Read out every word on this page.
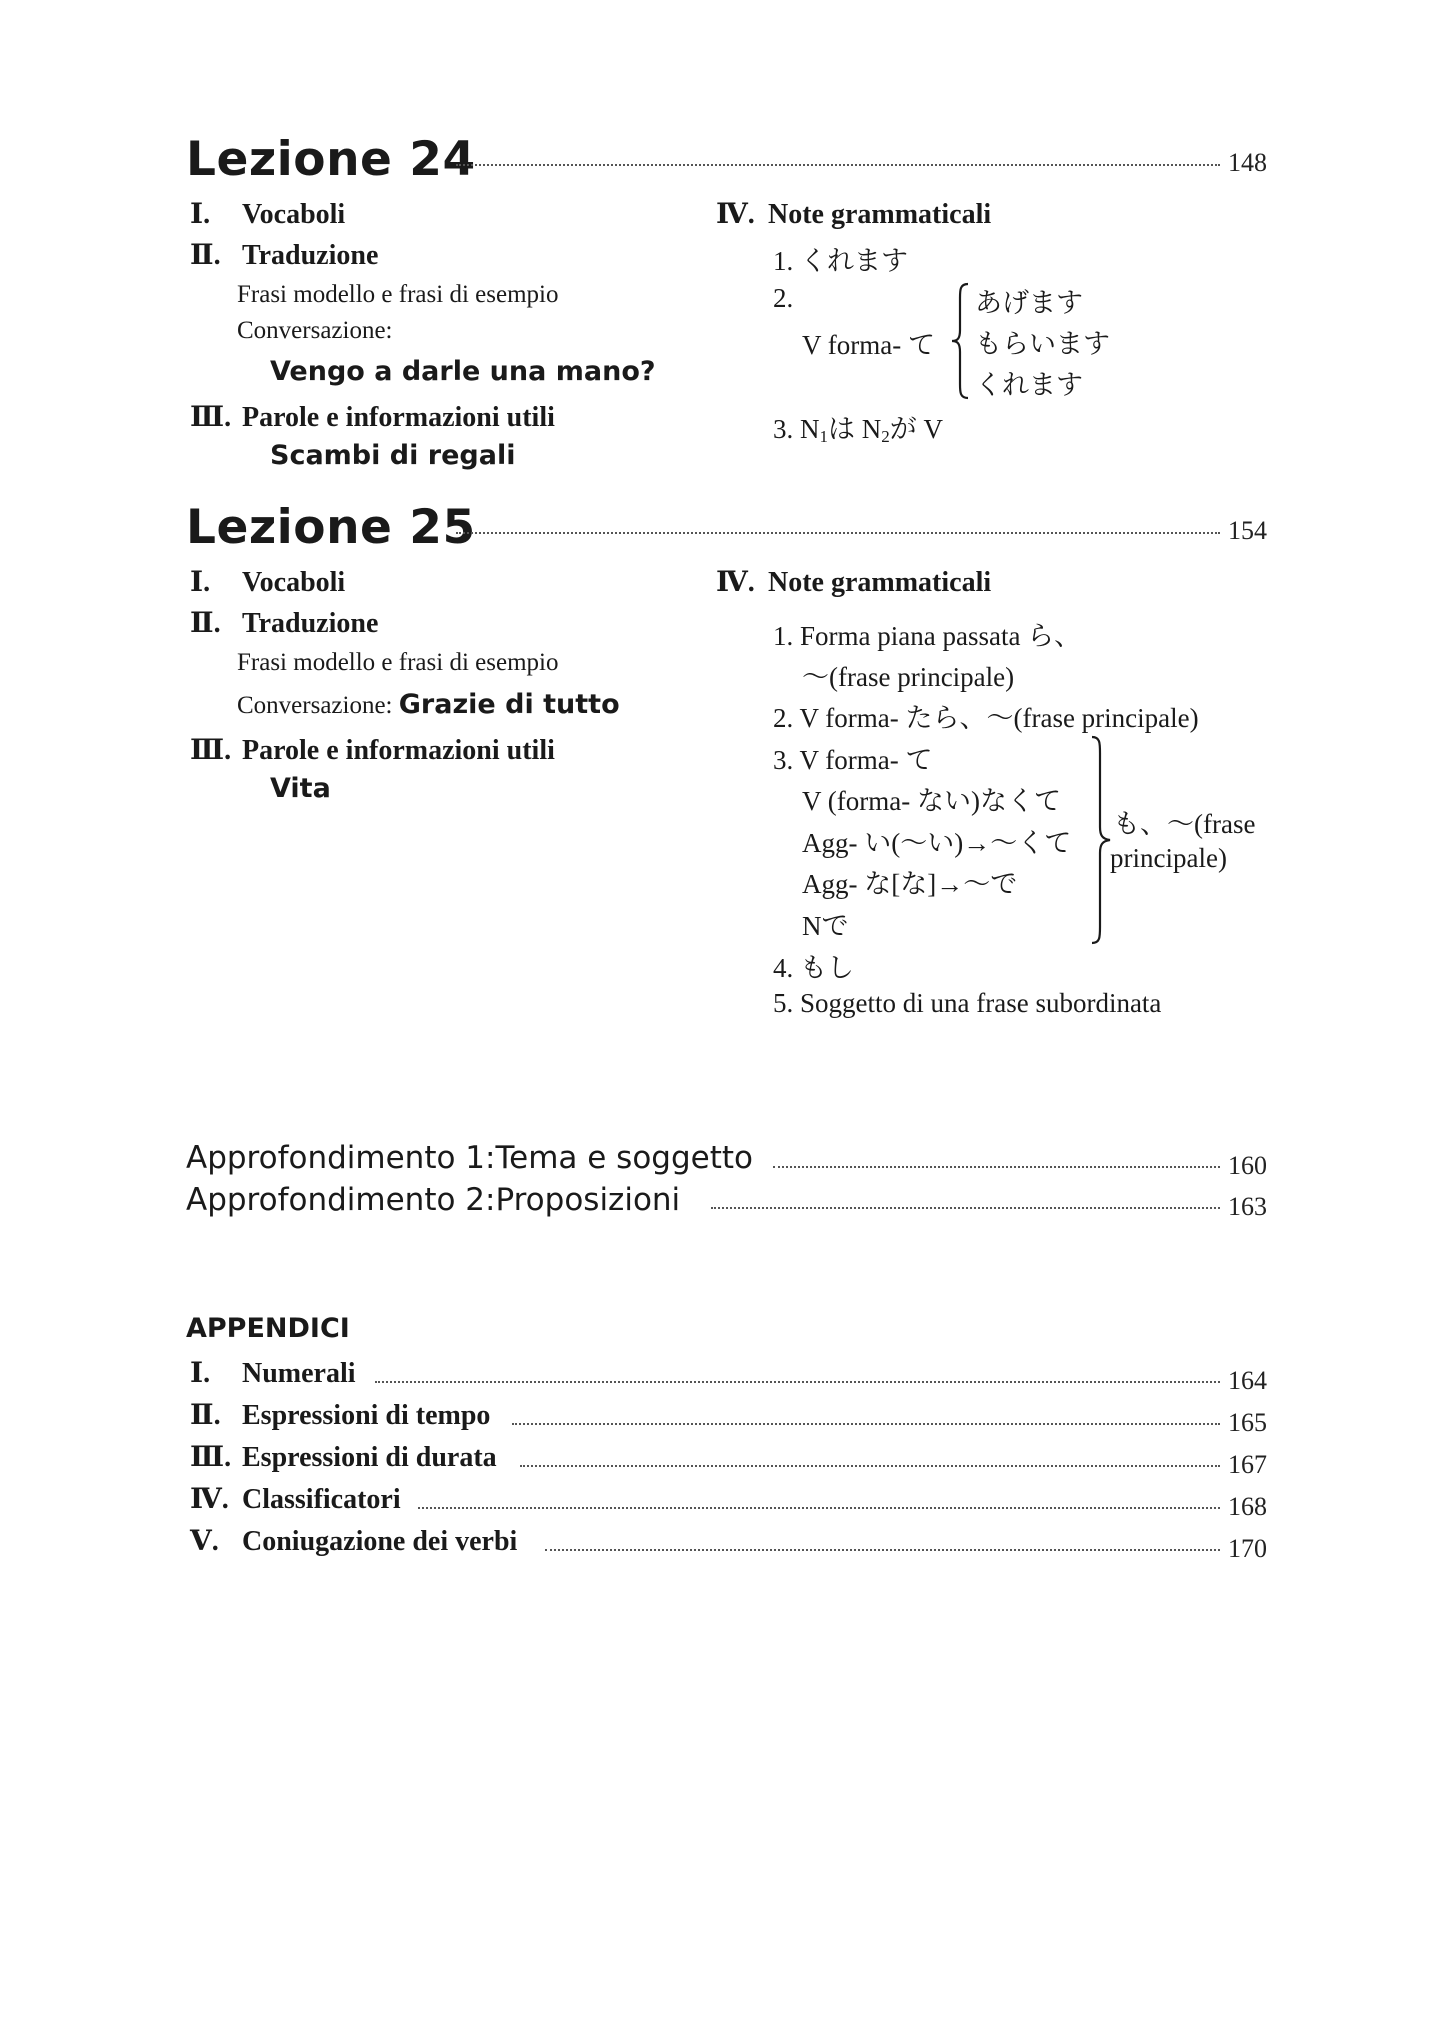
Lezione 24	148
Ⅰ. Vocaboli
Ⅱ. Traduzione
Frasi modello e frasi di esempio
Conversazione:
Vengo a darle una mano?
Ⅲ. Parole e informazioni utili
Scambi di regali
Ⅳ. Note grammaticali
1. くれます
2.
V forma- て
あげます
もらいます
くれます
3. $N_1$は $N_2$が V
Lezione 25	154
Ⅰ. Vocaboli
Ⅱ. Traduzione
Frasi modello e frasi di esempio
Conversazione: Grazie di tutto
Ⅲ. Parole e informazioni utili
Vita
Ⅳ. Note grammaticali
1. Forma piana passata ら、
〜(frase principale)
2. V forma- たら、〜(frase principale)
3. V forma- て
V (forma- ない)なくて
Agg- い(〜い)→〜くて
Agg- な[な]→〜で
Nで
も、〜(frase
principale)
4. もし
5. Soggetto di una frase subordinata
Approfondimento 1:Tema e soggetto	160
Approfondimento 2:Proposizioni	163
APPENDICI
Ⅰ. Numerali	164
Ⅱ. Espressioni di tempo	165
Ⅲ. Espressioni di durata	167
Ⅳ. Classificatori	168
Ⅴ. Coniugazione dei verbi	170
